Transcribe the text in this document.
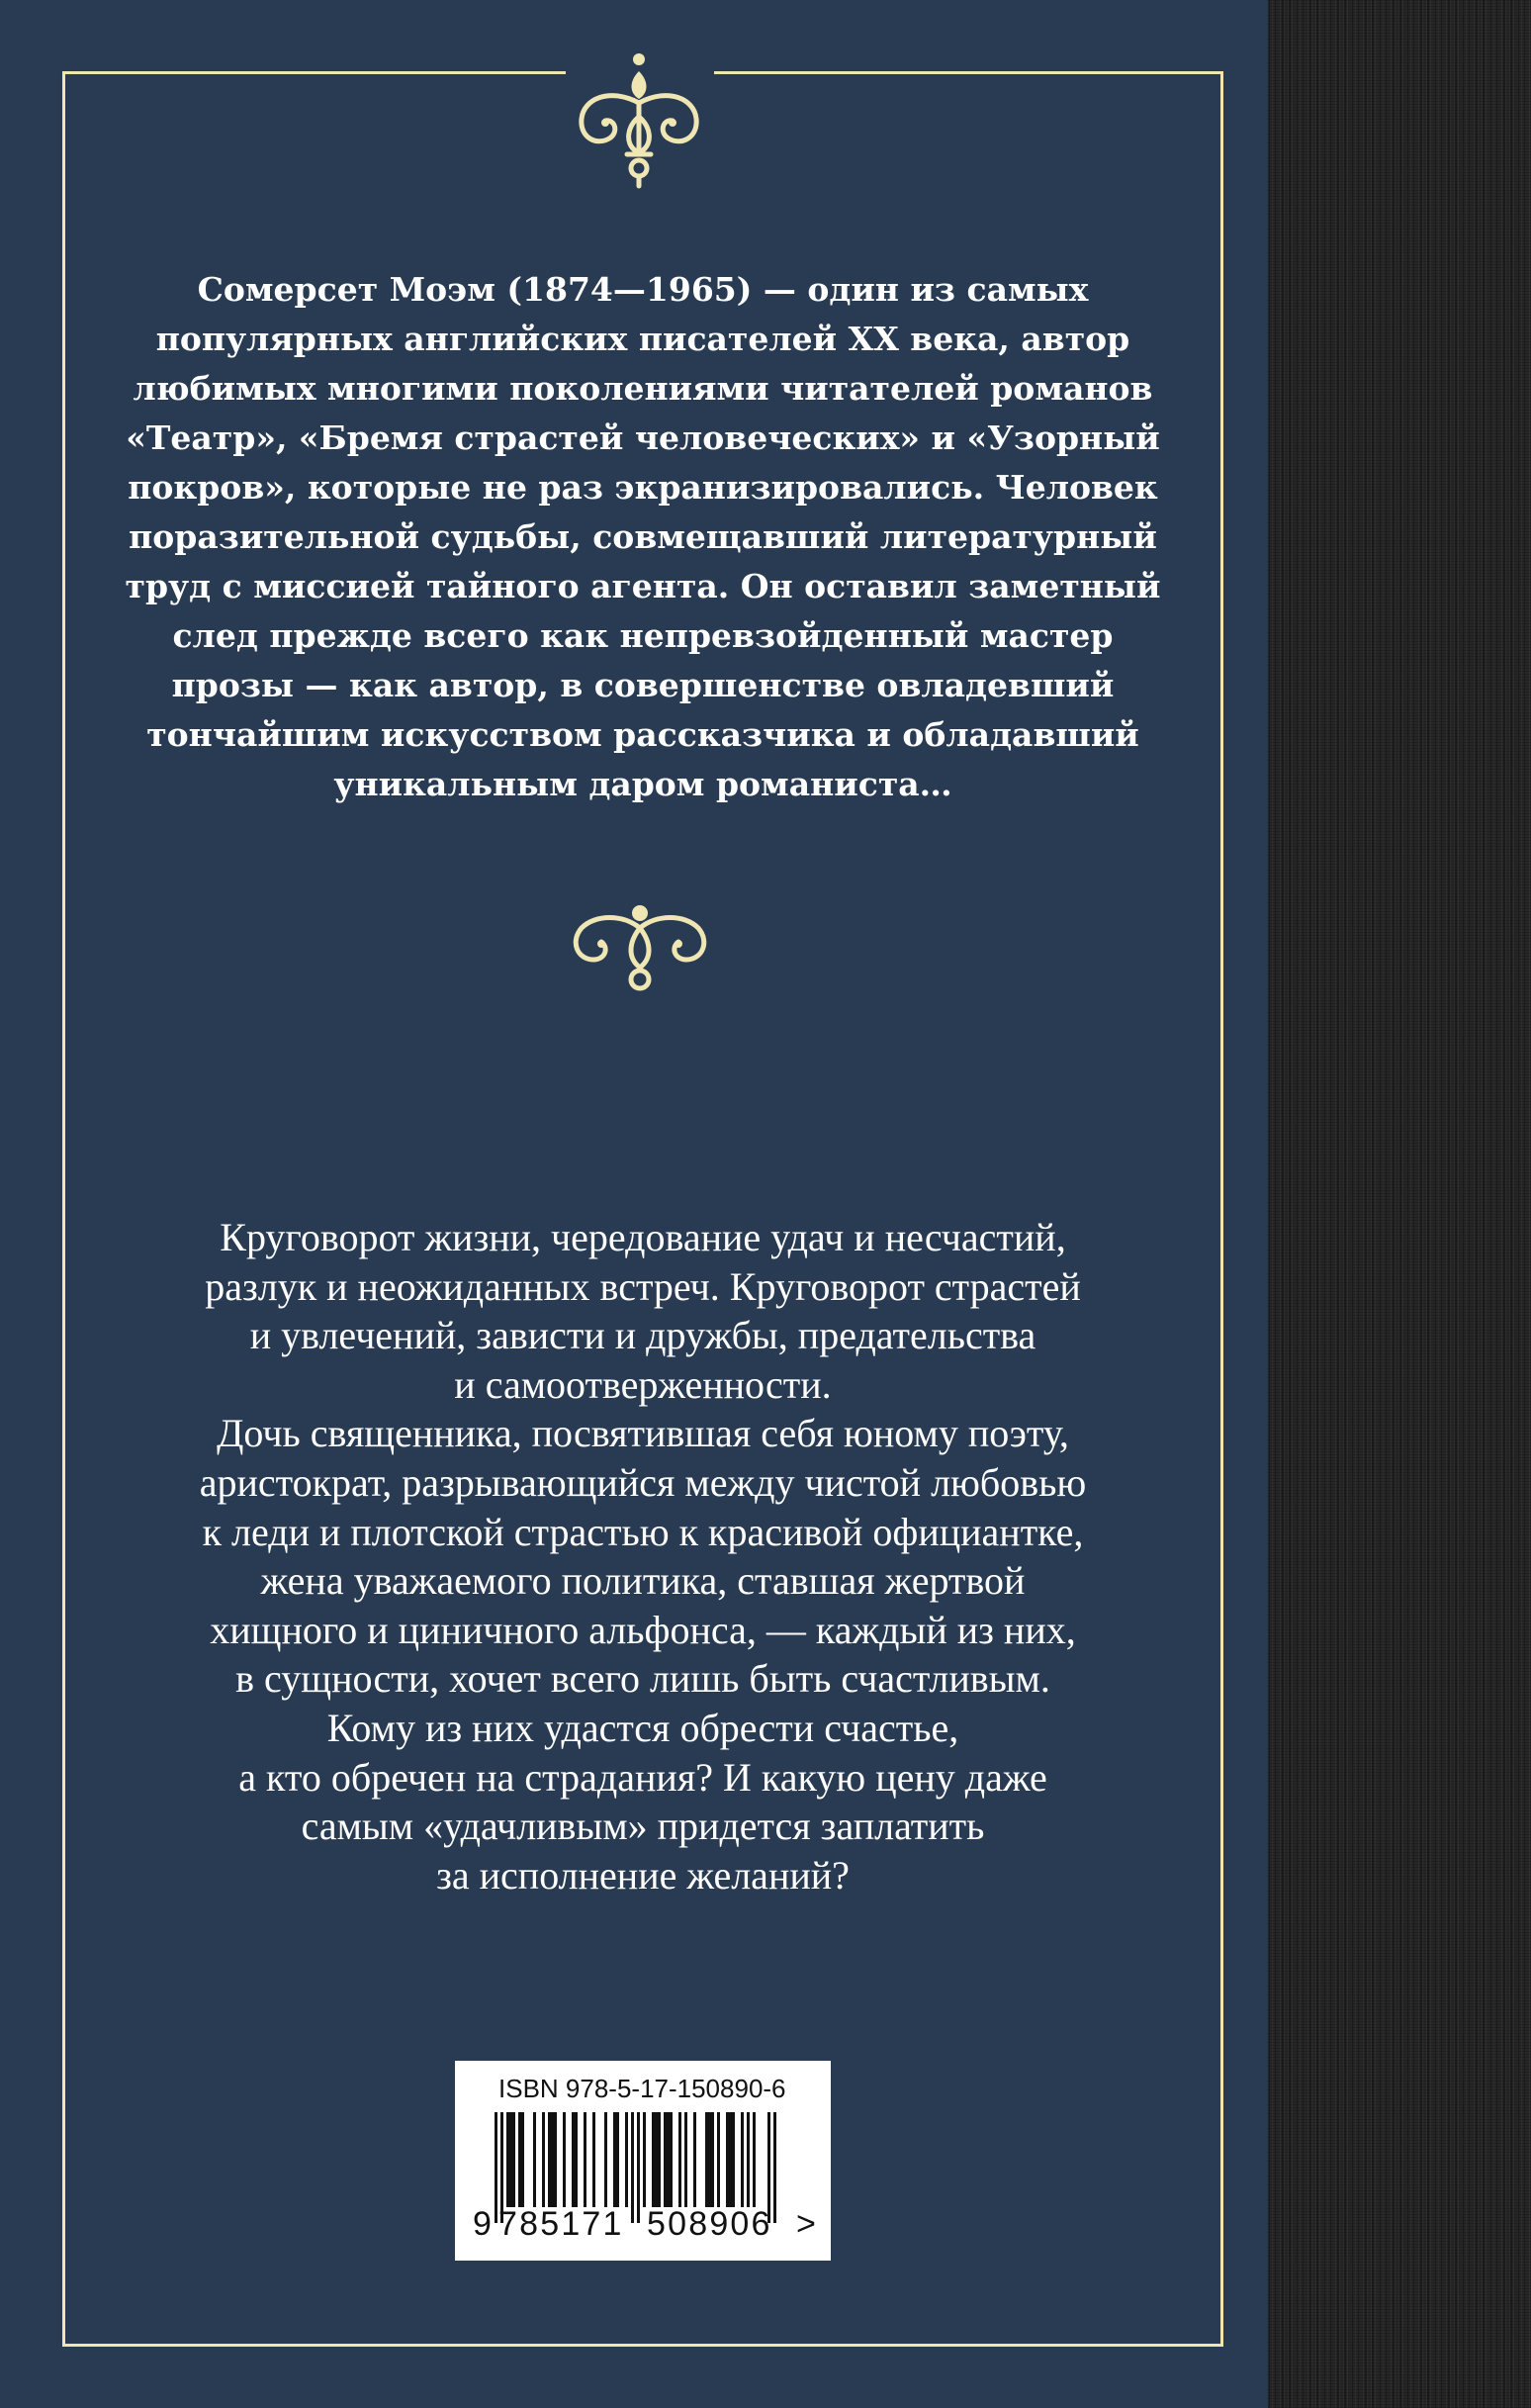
Сомерсет Моэм (1874—1965) — один из самых
популярных английских писателей XX века, автор
любимых многими поколениями читателей романов
«Театр», «Бремя страстей человеческих» и «Узорный
покров», которые не раз экранизировались. Человек
поразительной судьбы, совмещавший литературный
труд с миссией тайного агента. Он оставил заметный
след прежде всего как непревзойденный мастер
прозы — как автор, в совершенстве овладевший
тончайшим искусством рассказчика и обладавший
уникальным даром романиста…

Круговорот жизни, чередование удач и несчастий,
разлук и неожиданных встреч. Круговорот страстей
и увлечений, зависти и дружбы, предательства
и самоотверженности.
Дочь священника, посвятившая себя юному поэту,
аристократ, разрывающийся между чистой любовью
к леди и плотской страстью к красивой официантке,
жена уважаемого политика, ставшая жертвой
хищного и циничного альфонса, — каждый из них,
в сущности, хочет всего лишь быть счастливым.
Кому из них удастся обрести счастье,
а кто обречен на страдания? И какую цену даже
самым «удачливым» придется заплатить
за исполнение желаний?

ISBN 978-5-17-150890-6
9 785171 508906 >
